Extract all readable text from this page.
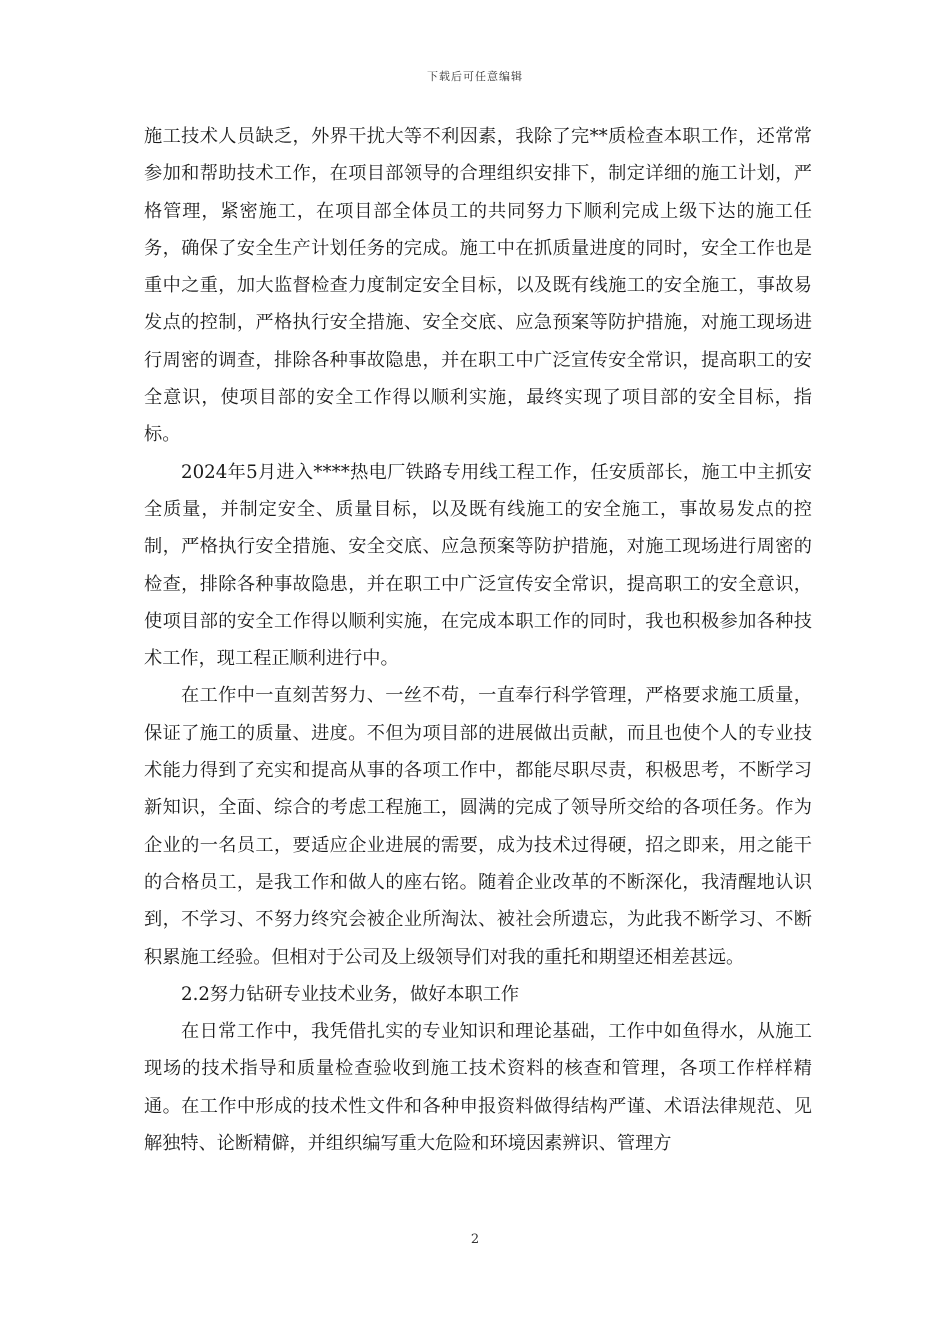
下载后可任意编辑

施工技术人员缺乏，外界干扰大等不利因素，我除了完**质检查本职工作，还常常参加和帮助技术工作，在项目部领导的合理组织安排下，制定详细的施工计划，严格管理，紧密施工，在项目部全体员工的共同努力下顺利完成上级下达的施工任务，确保了安全生产计划任务的完成。施工中在抓质量进度的同时，安全工作也是重中之重，加大监督检查力度制定安全目标，以及既有线施工的安全施工，事故易发点的控制，严格执行安全措施、安全交底、应急预案等防护措施，对施工现场进行周密的调查，排除各种事故隐患，并在职工中广泛宣传安全常识，提高职工的安全意识，使项目部的安全工作得以顺利实施，最终实现了项目部的安全目标，指标。

2024年5月进入****热电厂铁路专用线工程工作，任安质部长，施工中主抓安全质量，并制定安全、质量目标，以及既有线施工的安全施工，事故易发点的控制，严格执行安全措施、安全交底、应急预案等防护措施，对施工现场进行周密的检查，排除各种事故隐患，并在职工中广泛宣传安全常识，提高职工的安全意识，使项目部的安全工作得以顺利实施，在完成本职工作的同时，我也积极参加各种技术工作，现工程正顺利进行中。

在工作中一直刻苦努力、一丝不苟，一直奉行科学管理，严格要求施工质量，保证了施工的质量、进度。不但为项目部的进展做出贡献，而且也使个人的专业技术能力得到了充实和提高从事的各项工作中，都能尽职尽责，积极思考，不断学习新知识，全面、综合的考虑工程施工，圆满的完成了领导所交给的各项任务。作为企业的一名员工，要适应企业进展的需要，成为技术过得硬，招之即来，用之能干的合格员工，是我工作和做人的座右铭。随着企业改革的不断深化，我清醒地认识到，不学习、不努力终究会被企业所淘汰、被社会所遗忘，为此我不断学习、不断积累施工经验。但相对于公司及上级领导们对我的重托和期望还相差甚远。

2.2努力钻研专业技术业务，做好本职工作

在日常工作中，我凭借扎实的专业知识和理论基础，工作中如鱼得水，从施工现场的技术指导和质量检查验收到施工技术资料的核查和管理，各项工作样样精通。在工作中形成的技术性文件和各种申报资料做得结构严谨、术语法律规范、见解独特、论断精僻，并组织编写重大危险和环境因素辨识、管理方

2
